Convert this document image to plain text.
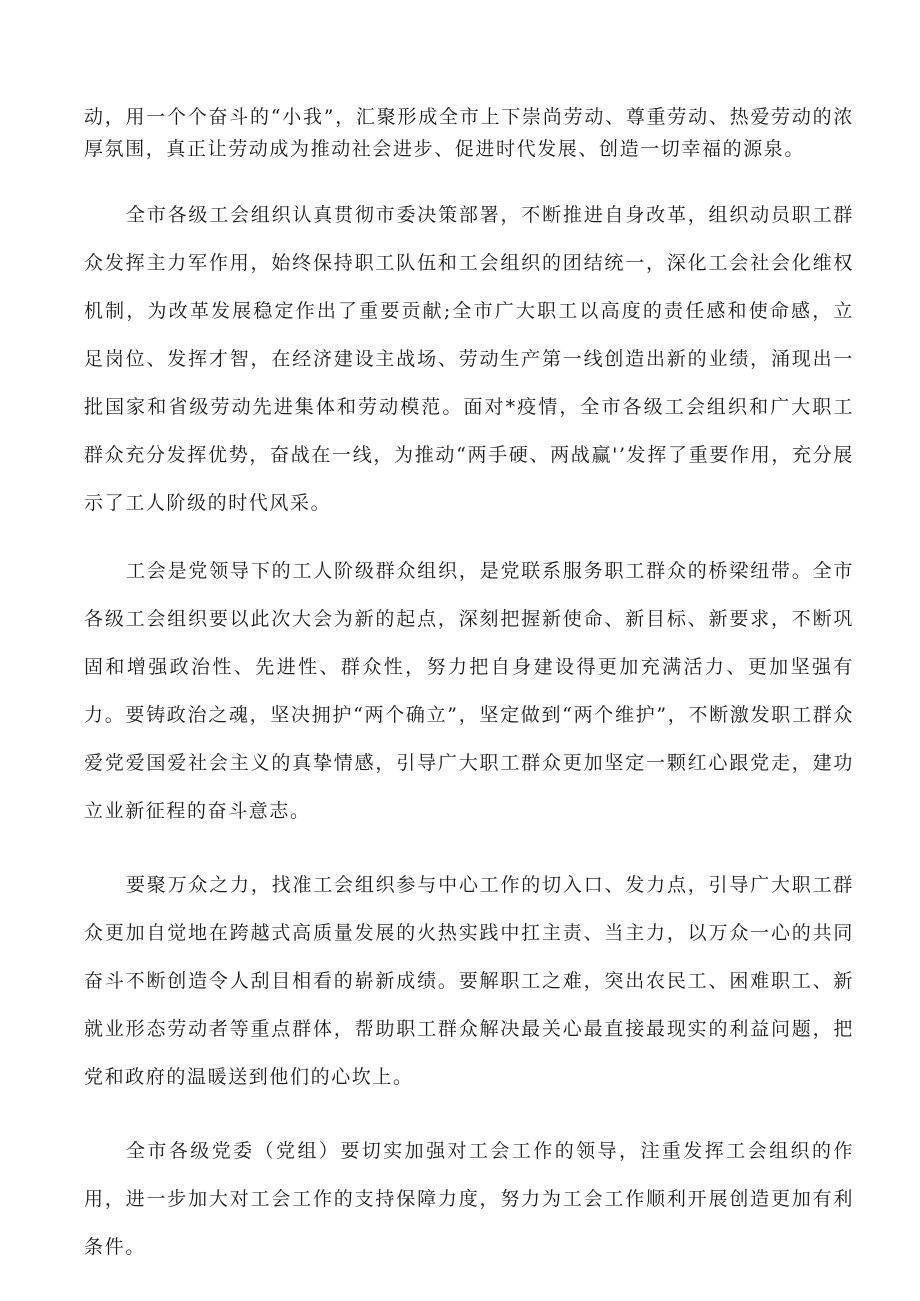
动，用一个个奋斗的“小我”，汇聚形成全市上下崇尚劳动、尊重劳动、热爱劳动的浓厚氛围，真正让劳动成为推动社会进步、促进时代发展、创造一切幸福的源泉。

全市各级工会组织认真贯彻市委决策部署，不断推进自身改革，组织动员职工群众发挥主力军作用，始终保持职工队伍和工会组织的团结统一，深化工会社会化维权机制，为改革发展稳定作出了重要贡献;全市广大职工以高度的责任感和使命感，立足岗位、发挥才智，在经济建设主战场、劳动生产第一线创造出新的业绩，涌现出一批国家和省级劳动先进集体和劳动模范。面对*疫情，全市各级工会组织和广大职工群众充分发挥优势，奋战在一线，为推动“两手硬、两战赢'’发挥了重要作用，充分展示了工人阶级的时代风采。

工会是党领导下的工人阶级群众组织，是党联系服务职工群众的桥梁纽带。全市各级工会组织要以此次大会为新的起点，深刻把握新使命、新目标、新要求，不断巩固和增强政治性、先进性、群众性，努力把自身建设得更加充满活力、更加坚强有力。要铸政治之魂，坚决拥护“两个确立”，坚定做到“两个维护”，不断激发职工群众爱党爱国爱社会主义的真挚情感，引导广大职工群众更加坚定一颗红心跟党走，建功立业新征程的奋斗意志。

要聚万众之力，找准工会组织参与中心工作的切入口、发力点，引导广大职工群众更加自觉地在跨越式高质量发展的火热实践中扛主责、当主力，以万众一心的共同奋斗不断创造令人刮目相看的崭新成绩。要解职工之难，突出农民工、困难职工、新就业形态劳动者等重点群体，帮助职工群众解决最关心最直接最现实的利益问题，把党和政府的温暖送到他们的心坎上。

全市各级党委（党组）要切实加强对工会工作的领导，注重发挥工会组织的作用，进一步加大对工会工作的支持保障力度，努力为工会工作顺利开展创造更加有利条件。
